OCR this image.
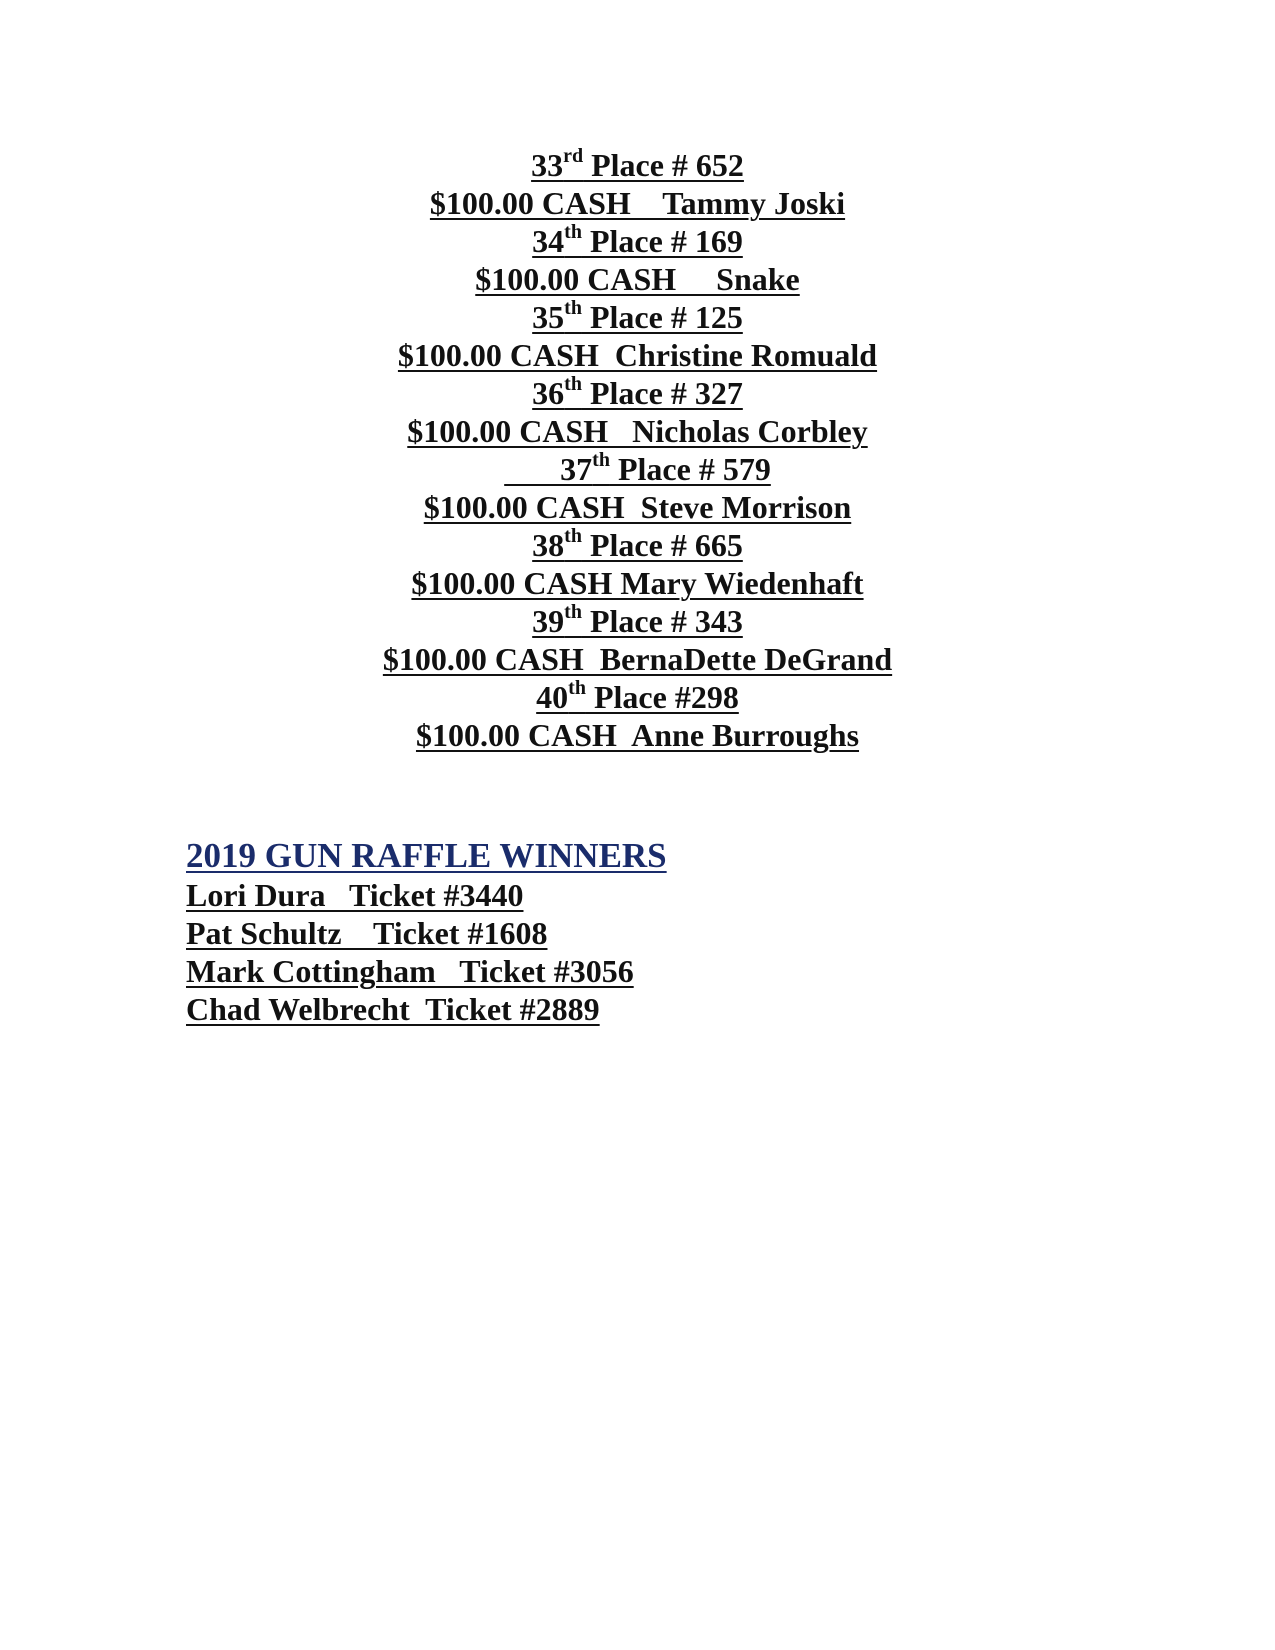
33rd Place # 652
$100.00 CASH    Tammy Joski
34th Place # 169
$100.00 CASH     Snake
35th Place # 125
$100.00 CASH  Christine Romuald
36th Place # 327
$100.00 CASH   Nicholas Corbley
37th Place # 579
$100.00 CASH  Steve Morrison
38th Place # 665
$100.00 CASH Mary Wiedenhaft
39th Place # 343
$100.00 CASH  BernaDette DeGrand
40th Place #298
$100.00 CASH  Anne Burroughs
2019 GUN RAFFLE WINNERS
Lori Dura   Ticket #3440
Pat Schultz    Ticket #1608
Mark Cottingham   Ticket #3056
Chad Welbrecht  Ticket #2889
